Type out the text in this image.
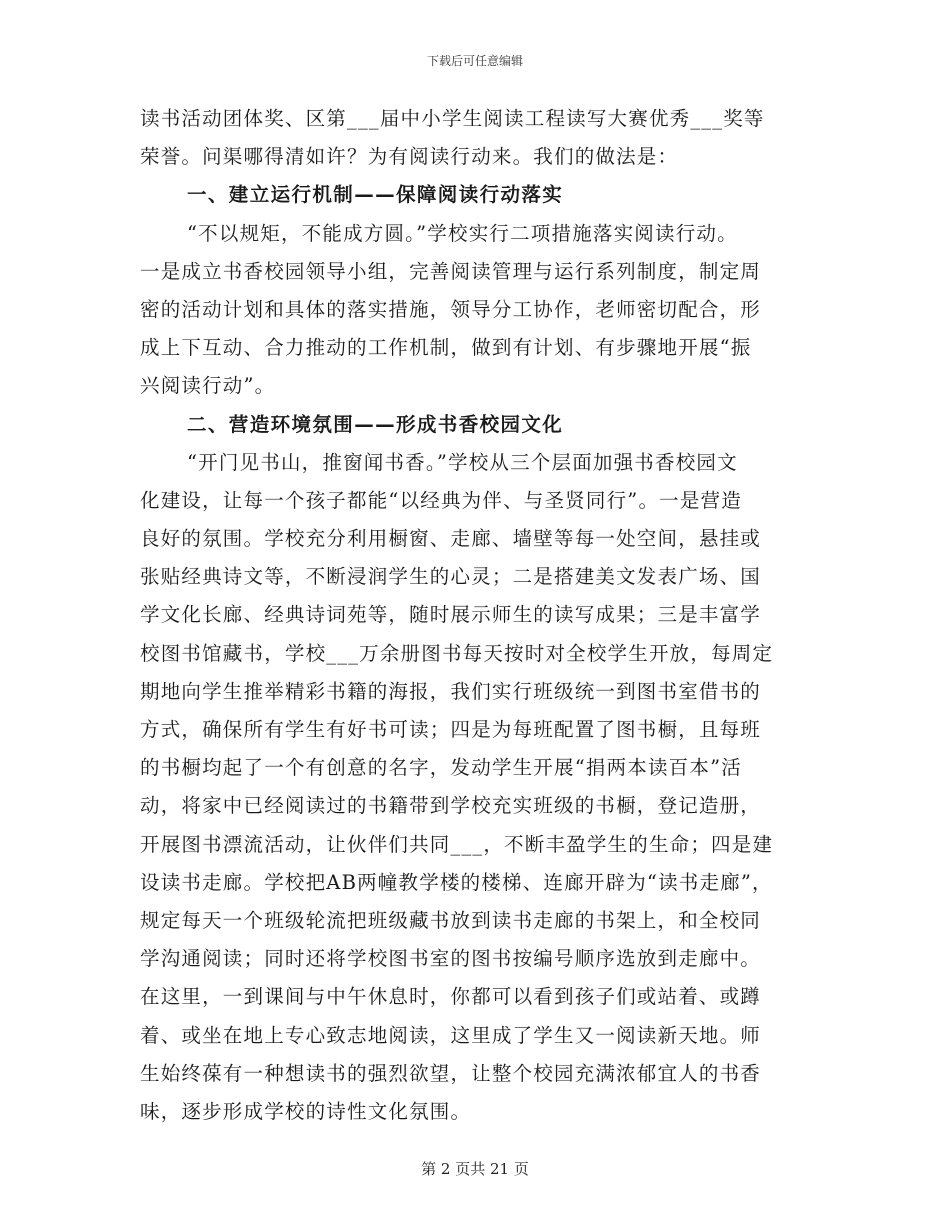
下载后可任意编辑
读书活动团体奖、区第___届中小学生阅读工程读写大赛优秀___奖等
荣誉。问渠哪得清如许？为有阅读行动来。我们的做法是：
一、建立运行机制——保障阅读行动落实
“不以规矩，不能成方圆。”学校实行二项措施落实阅读行动。
一是成立书香校园领导小组，完善阅读管理与运行系列制度，制定周
密的活动计划和具体的落实措施，领导分工协作，老师密切配合，形
成上下互动、合力推动的工作机制，做到有计划、有步骤地开展“振
兴阅读行动”。
二、营造环境氛围——形成书香校园文化
“开门见书山，推窗闻书香。”学校从三个层面加强书香校园文
化建设，让每一个孩子都能“以经典为伴、与圣贤同行”。一是营造
良好的氛围。学校充分利用橱窗、走廊、墙壁等每一处空间，悬挂或
张贴经典诗文等，不断浸润学生的心灵；二是搭建美文发表广场、国
学文化长廊、经典诗词苑等，随时展示师生的读写成果；三是丰富学
校图书馆藏书，学校___万余册图书每天按时对全校学生开放，每周定
期地向学生推举精彩书籍的海报，我们实行班级统一到图书室借书的
方式，确保所有学生有好书可读；四是为每班配置了图书橱，且每班
的书橱均起了一个有创意的名字，发动学生开展“捐两本读百本”活
动，将家中已经阅读过的书籍带到学校充实班级的书橱，登记造册，
开展图书漂流活动，让伙伴们共同___，不断丰盈学生的生命；四是建
设读书走廊。学校把AB两幢教学楼的楼梯、连廊开辟为“读书走廊”，
规定每天一个班级轮流把班级藏书放到读书走廊的书架上，和全校同
学沟通阅读；同时还将学校图书室的图书按编号顺序选放到走廊中。
在这里，一到课间与中午休息时，你都可以看到孩子们或站着、或蹲
着、或坐在地上专心致志地阅读，这里成了学生又一阅读新天地。师
生始终葆有一种想读书的强烈欲望，让整个校园充满浓郁宜人的书香
味，逐步形成学校的诗性文化氛围。
第 2 页共 21 页
